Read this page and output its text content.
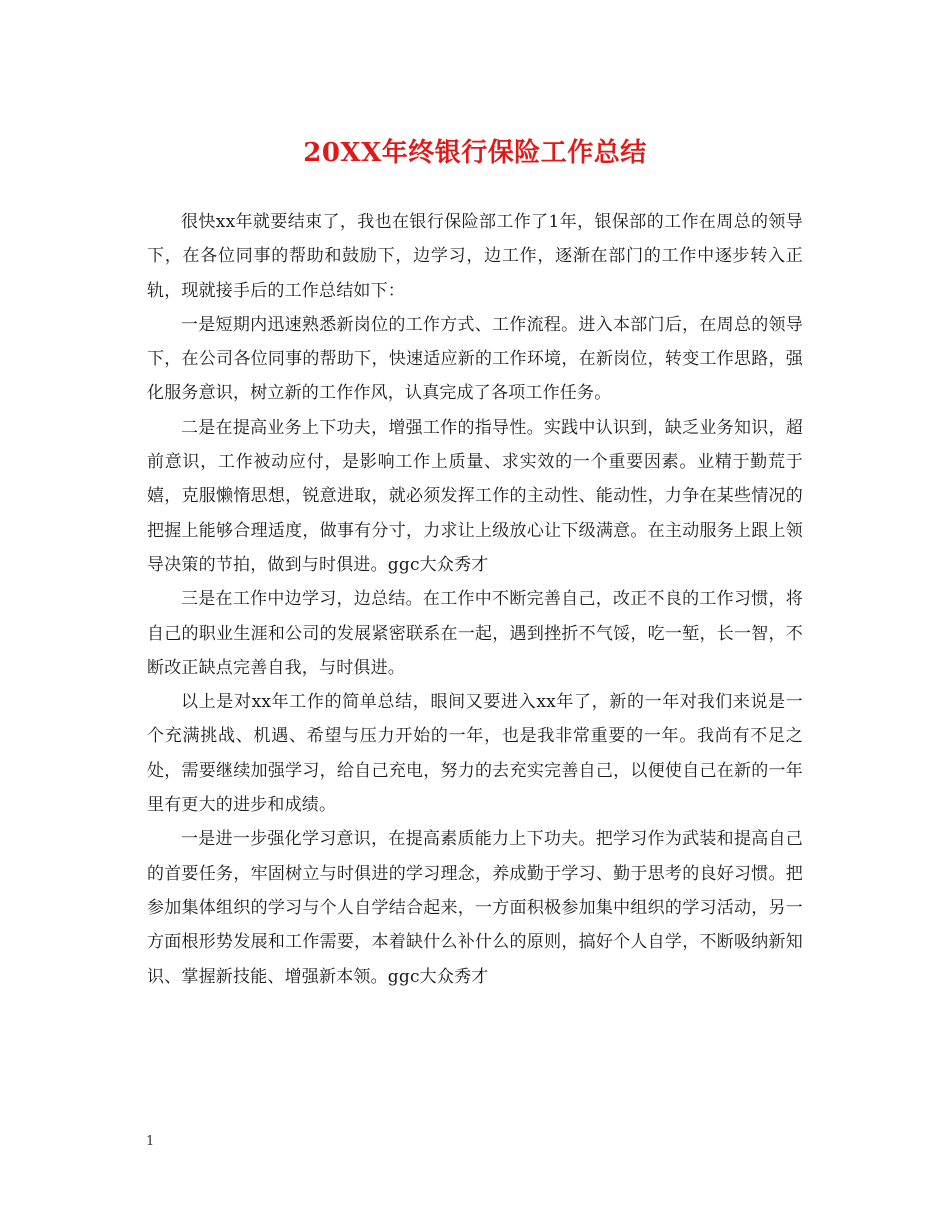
20XX年终银行保险工作总结

很快xx年就要结束了，我也在银行保险部工作了1年，银保部的工作在周总的领导下，在各位同事的帮助和鼓励下，边学习，边工作，逐渐在部门的工作中逐步转入正轨，现就接手后的工作总结如下：

一是短期内迅速熟悉新岗位的工作方式、工作流程。进入本部门后，在周总的领导下，在公司各位同事的帮助下，快速适应新的工作环境，在新岗位，转变工作思路，强化服务意识，树立新的工作作风，认真完成了各项工作任务。

二是在提高业务上下功夫，增强工作的指导性。实践中认识到，缺乏业务知识，超前意识，工作被动应付，是影响工作上质量、求实效的一个重要因素。业精于勤荒于嬉，克服懒惰思想，锐意进取，就必须发挥工作的主动性、能动性，力争在某些情况的把握上能够合理适度，做事有分寸，力求让上级放心让下级满意。在主动服务上跟上领导决策的节拍，做到与时俱进。ggc大众秀才

三是在工作中边学习，边总结。在工作中不断完善自己，改正不良的工作习惯，将自己的职业生涯和公司的发展紧密联系在一起，遇到挫折不气馁，吃一堑，长一智，不断改正缺点完善自我，与时俱进。

以上是对xx年工作的简单总结，眼间又要进入xx年了，新的一年对我们来说是一个充满挑战、机遇、希望与压力开始的一年，也是我非常重要的一年。我尚有不足之处，需要继续加强学习，给自己充电，努力的去充实完善自己，以便使自己在新的一年里有更大的进步和成绩。

一是进一步强化学习意识，在提高素质能力上下功夫。把学习作为武装和提高自己的首要任务，牢固树立与时俱进的学习理念，养成勤于学习、勤于思考的良好习惯。把参加集体组织的学习与个人自学结合起来，一方面积极参加集中组织的学习活动，另一方面根形势发展和工作需要，本着缺什么补什么的原则，搞好个人自学，不断吸纳新知识、掌握新技能、增强新本领。ggc大众秀才

1
